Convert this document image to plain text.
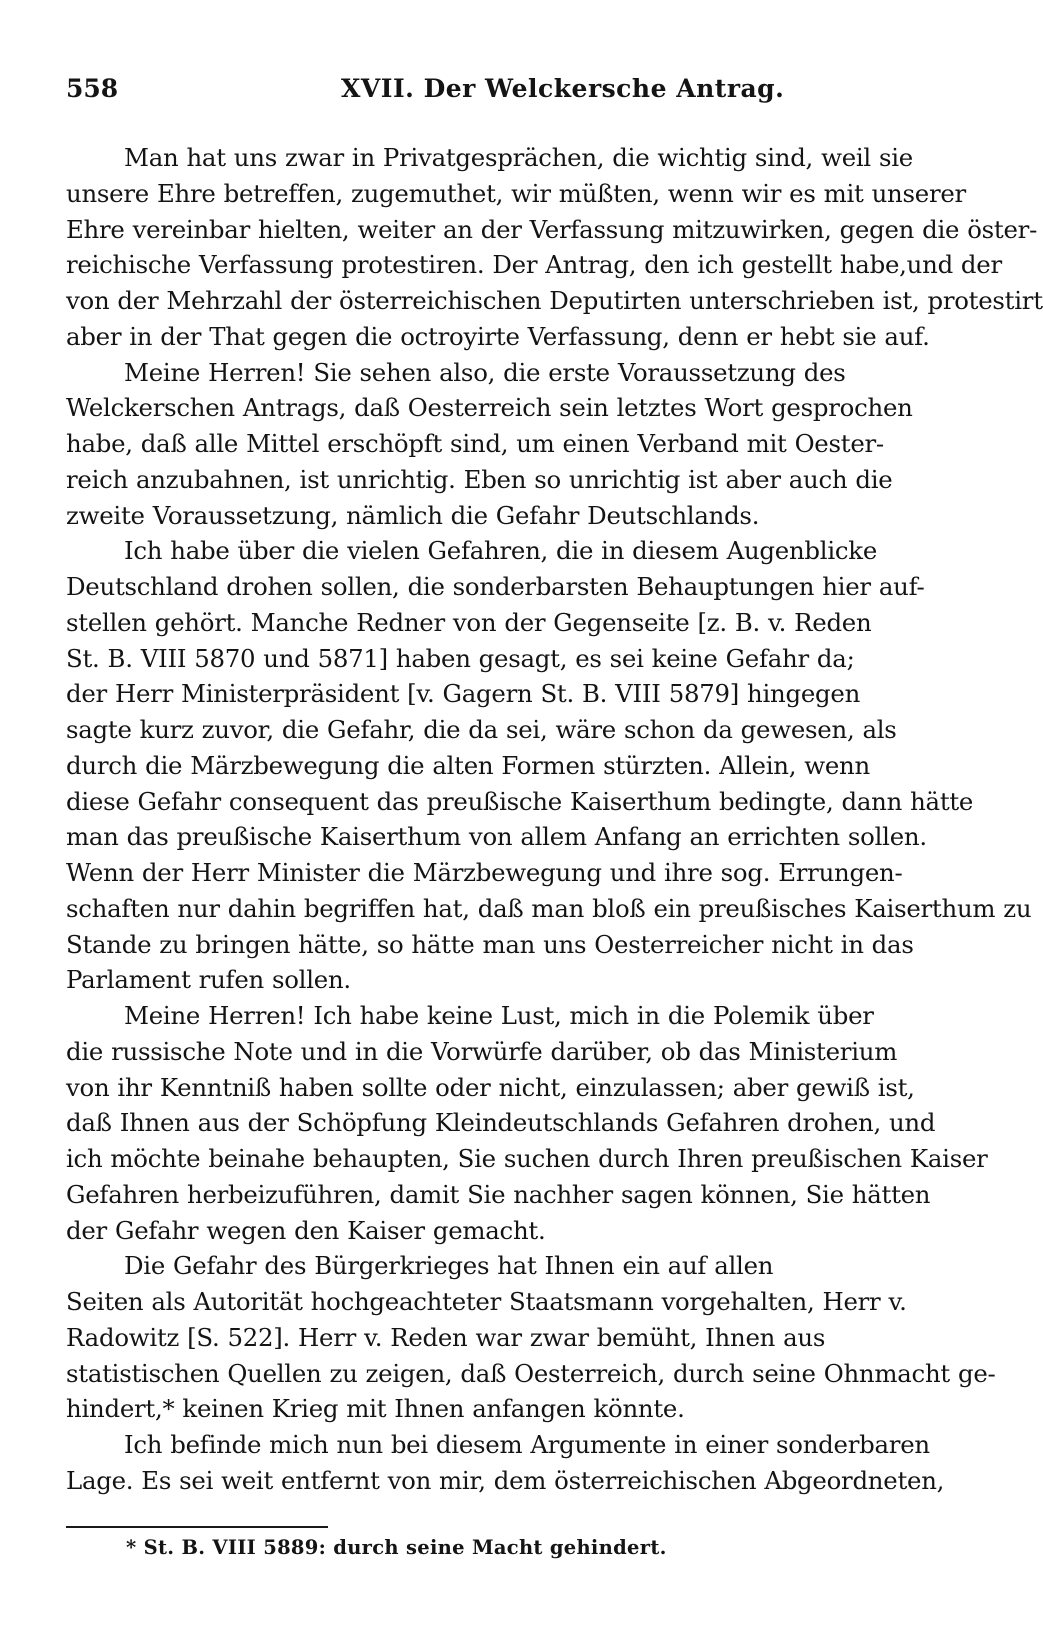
558	XVII. Der Welckersche Antrag.
Man hat uns zwar in Privatgesprächen, die wichtig sind, weil sie
unsere Ehre betreffen, zugemuthet, wir müßten, wenn wir es mit unserer
Ehre vereinbar hielten, weiter an der Verfassung mitzuwirken, gegen die öster-
reichische Verfassung protestiren. Der Antrag, den ich gestellt habe,und der
von der Mehrzahl der österreichischen Deputirten unterschrieben ist, protestirt
aber in der That gegen die octroyirte Verfassung, denn er hebt sie auf.
Meine Herren! Sie sehen also, die erste Voraussetzung des
Welckerschen Antrags, daß Oesterreich sein letztes Wort gesprochen
habe, daß alle Mittel erschöpft sind, um einen Verband mit Oester-
reich anzubahnen, ist unrichtig. Eben so unrichtig ist aber auch die
zweite Voraussetzung, nämlich die Gefahr Deutschlands.
Ich habe über die vielen Gefahren, die in diesem Augenblicke
Deutschland drohen sollen, die sonderbarsten Behauptungen hier auf-
stellen gehört. Manche Redner von der Gegenseite [z. B. v. Reden
St. B. VIII 5870 und 5871] haben gesagt, es sei keine Gefahr da;
der Herr Ministerpräsident [v. Gagern St. B. VIII 5879] hingegen
sagte kurz zuvor, die Gefahr, die da sei, wäre schon da gewesen, als
durch die Märzbewegung die alten Formen stürzten. Allein, wenn
diese Gefahr consequent das preußische Kaiserthum bedingte, dann hätte
man das preußische Kaiserthum von allem Anfang an errichten sollen.
Wenn der Herr Minister die Märzbewegung und ihre sog. Errungen-
schaften nur dahin begriffen hat, daß man bloß ein preußisches Kaiserthum zu
Stande zu bringen hätte, so hätte man uns Oesterreicher nicht in das
Parlament rufen sollen.
Meine Herren! Ich habe keine Lust, mich in die Polemik über
die russische Note und in die Vorwürfe darüber, ob das Ministerium
von ihr Kenntniß haben sollte oder nicht, einzulassen; aber gewiß ist,
daß Ihnen aus der Schöpfung Kleindeutschlands Gefahren drohen, und
ich möchte beinahe behaupten, Sie suchen durch Ihren preußischen Kaiser
Gefahren herbeizuführen, damit Sie nachher sagen können, Sie hätten
der Gefahr wegen den Kaiser gemacht.
Die Gefahr des Bürgerkrieges hat Ihnen ein auf allen
Seiten als Autorität hochgeachteter Staatsmann vorgehalten, Herr v.
Radowitz [S. 522]. Herr v. Reden war zwar bemüht, Ihnen aus
statistischen Quellen zu zeigen, daß Oesterreich, durch seine Ohnmacht ge-
hindert,* keinen Krieg mit Ihnen anfangen könnte.
Ich befinde mich nun bei diesem Argumente in einer sonderbaren
Lage. Es sei weit entfernt von mir, dem österreichischen Abgeordneten,
* St. B. VIII 5889: durch seine Macht gehindert.
